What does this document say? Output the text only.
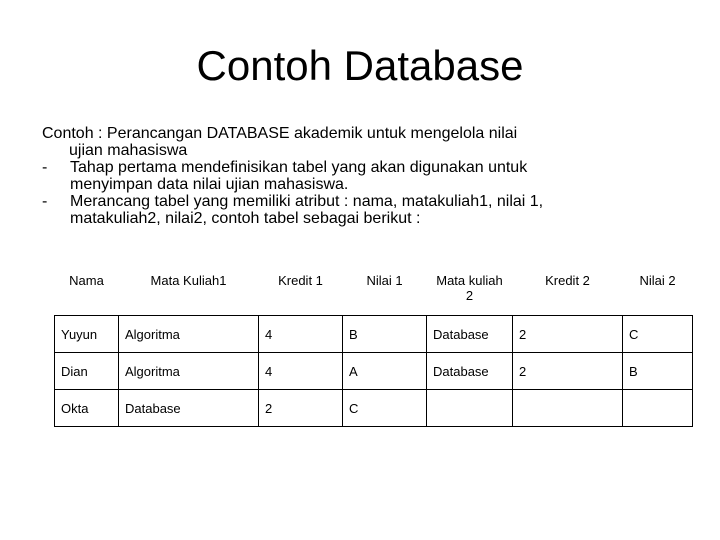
Contoh Database

Contoh : Perancangan DATABASE akademik untuk mengelola nilai
ujian mahasiswa

- Tahap pertama mendefinisikan tabel yang akan digunakan untuk
menyimpan data nilai ujian mahasiswa.

- Merancang tabel yang memiliki atribut : nama, matakuliah1, nilai 1,
matakuliah2, nilai2, contoh tabel sebagai berikut :

Nama	Mata Kuliah1	Kredit 1	Nilai 1	Mata kuliah 2	Kredit 2	Nilai 2
Yuyun	Algoritma	4	B	Database	2	C
Dian	Algoritma	4	A	Database	2	B
Okta	Database	2	C			
